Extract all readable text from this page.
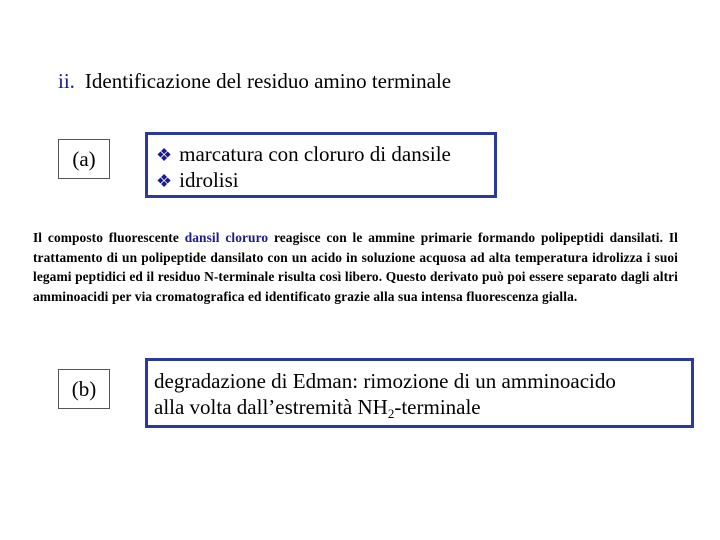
ii. Identificazione del residuo amino terminale
(a)	❖ marcatura con cloruro di dansile
❖ idrolisi
Il composto fluorescente dansil cloruro reagisce con le ammine primarie formando polipeptidi dansilati. Il trattamento di un polipeptide dansilato con un acido in soluzione acquosa ad alta temperatura idrolizza i suoi legami peptidici ed il residuo N-terminale risulta così libero. Questo derivato può poi essere separato dagli altri amminoacidi per via cromatografica ed identificato grazie alla sua intensa fluorescenza gialla.
(b)	degradazione di Edman: rimozione di un amminoacido
alla volta dall’estremità $NH_2$-terminale
